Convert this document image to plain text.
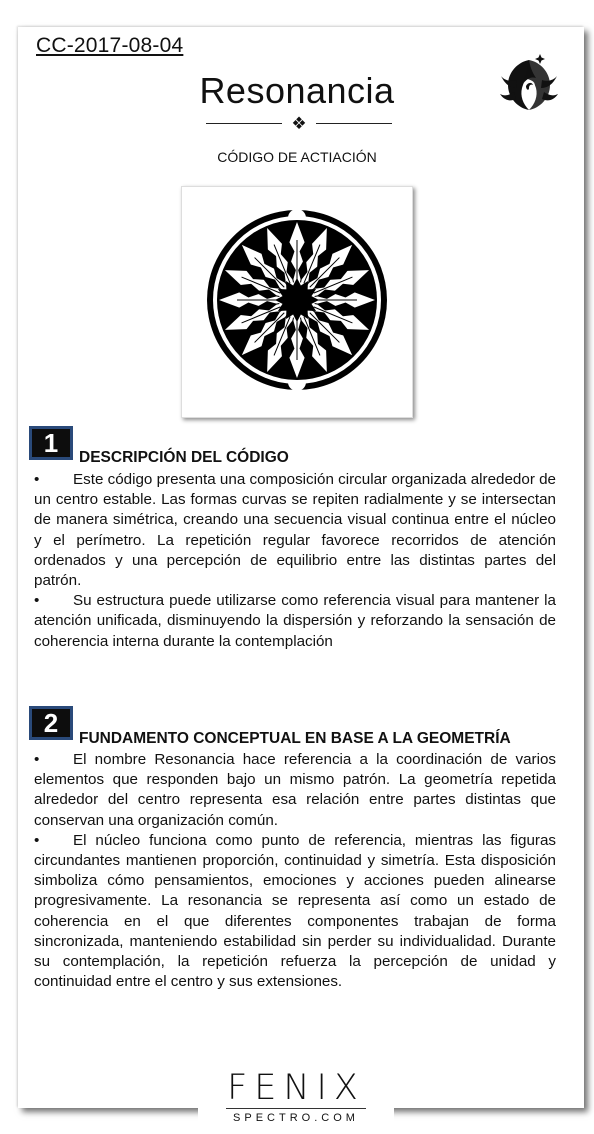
CC-2017-08-04
Resonancia
❖
CÓDIGO DE ACTIACIÓN
1	DESCRIPCIÓN DEL CÓDIGO

• Este código presenta una composición circular organizada alrededor de un centro estable. Las formas curvas se repiten radialmente y se intersectan de manera simétrica, creando una secuencia visual continua entre el núcleo y el perímetro. La repetición regular favorece recorridos de atención ordenados y una percepción de equilibrio entre las distintas partes del patrón.

• Su estructura puede utilizarse como referencia visual para mantener la atención unificada, disminuyendo la dispersión y reforzando la sensación de coherencia interna durante la contemplación

2
FUNDAMENTO CONCEPTUAL EN BASE A LA GEOMETRÍA

• El nombre Resonancia hace referencia a la coordinación de varios elementos que responden bajo un mismo patrón. La geometría repetida alrededor del centro representa esa relación entre partes distintas que conservan una organización común.

• El núcleo funciona como punto de referencia, mientras las figuras circundantes mantienen proporción, continuidad y simetría. Esta disposición simboliza cómo pensamientos, emociones y acciones pueden alinearse progresivamente. La resonancia se representa así como un estado de coherencia en el que diferentes componentes trabajan de forma sincronizada, manteniendo estabilidad sin perder su individualidad. Durante su contemplación, la repetición refuerza la percepción de unidad y continuidad entre el centro y sus extensiones.

FENIX
SPECTRO.COM
